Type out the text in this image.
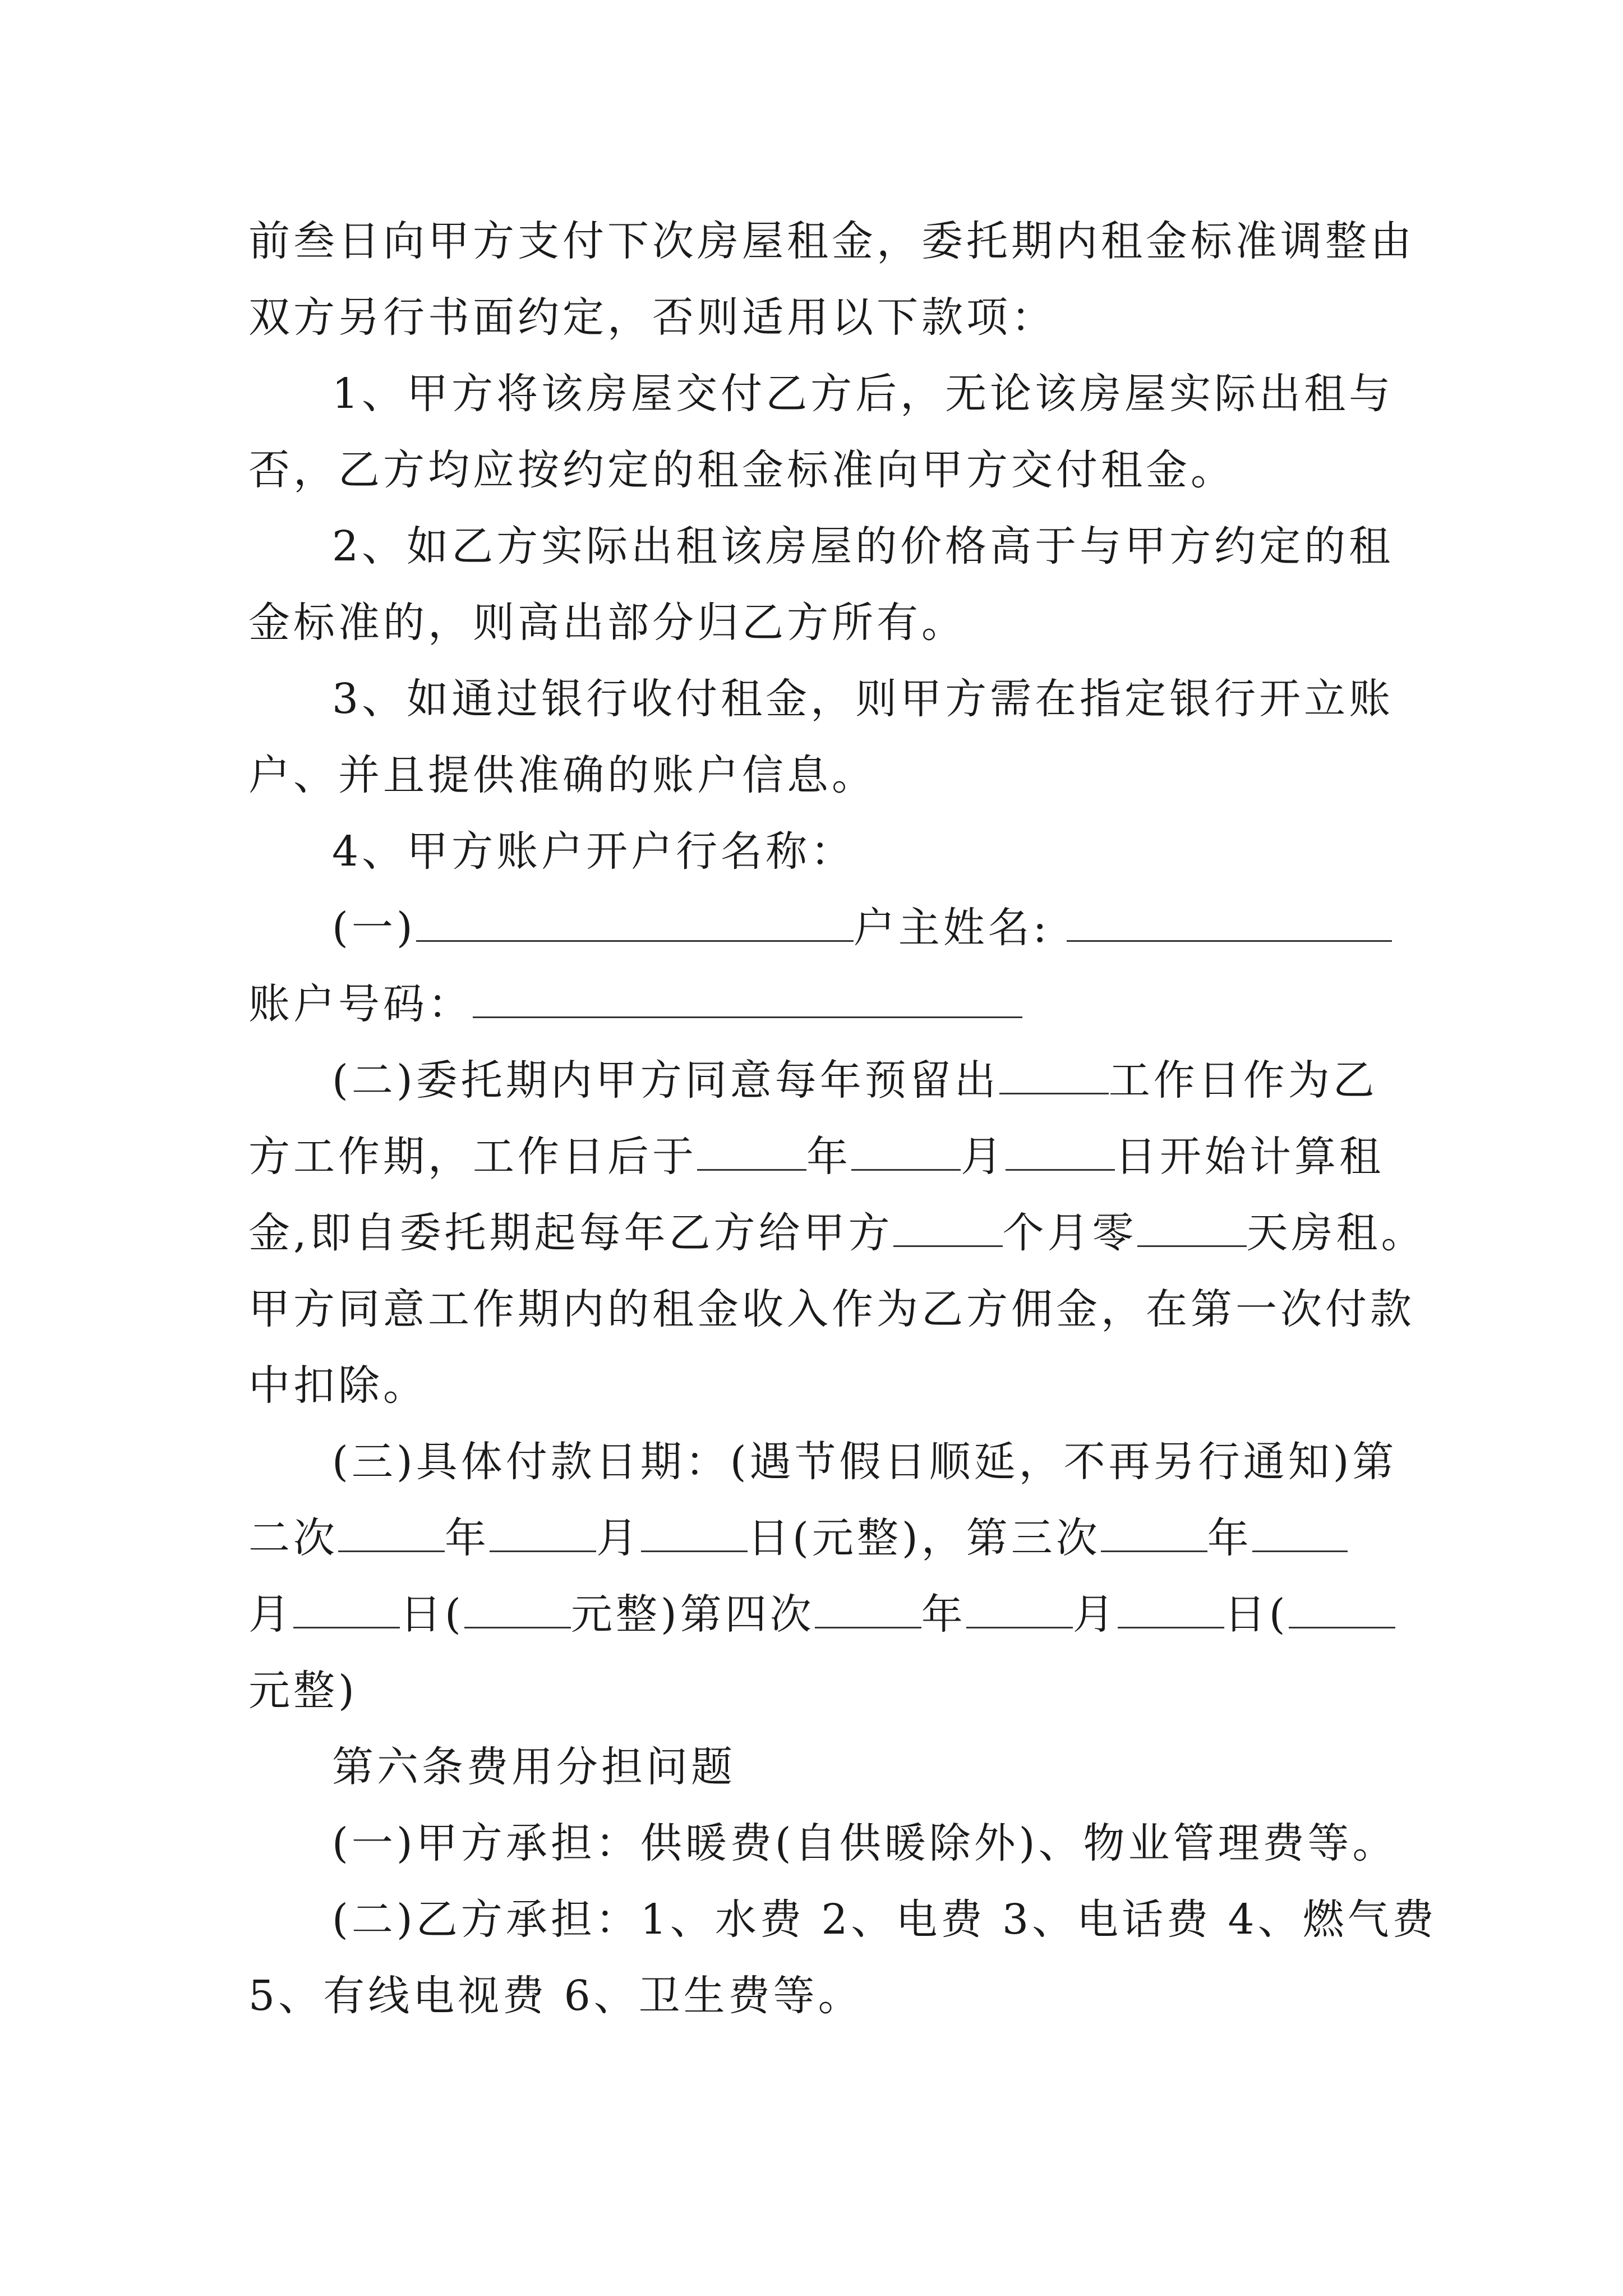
前叁日向甲方支付下次房屋租金，委托期内租金标准调整由
双方另行书面约定，否则适用以下款项：
1、甲方将该房屋交付乙方后，无论该房屋实际出租与
否，乙方均应按约定的租金标准向甲方交付租金。
2、如乙方实际出租该房屋的价格高于与甲方约定的租
金标准的，则高出部分归乙方所有。
3、如通过银行收付租金，则甲方需在指定银行开立账
户、并且提供准确的账户信息。
4、甲方账户开户行名称：
(一)	户主姓名:
账户号码：
(二)委托期内甲方同意每年预留出	工作日作为乙
方工作期，工作日后于	年	月	日开始计算租
金,即自委托期起每年乙方给甲方	个月零	天房租。
甲方同意工作期内的租金收入作为乙方佣金，在第一次付款
中扣除。
(三)具体付款日期：(遇节假日顺延，不再另行通知)第
二次	年	月	日(元整)，第三次	年
月	日(	元整)第四次	年	月	日(
元整)
第六条费用分担问题
(一)甲方承担：供暖费(自供暖除外)、物业管理费等。
(二)乙方承担：1、水费 2、电费 3、电话费 4、燃气费
5、有线电视费 6、卫生费等。
